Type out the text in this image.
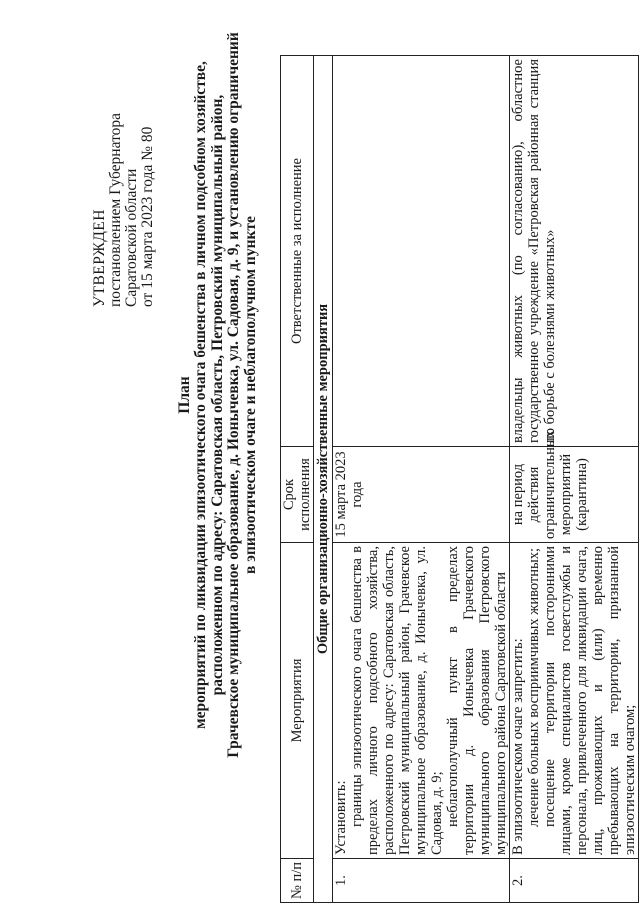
УТВЕРЖДЕН постановлением Губернатора Саратовской области от 15 марта 2023 года № 80
План мероприятий по ликвидации эпизоотического очага бешенства в личном подсобном хозяйстве, расположенном по адресу: Саратовская область, Петровский муниципальный район, Грачевское муниципальное образование, д. Ионычевка, ул. Садовая, д. 9, и установлению ограничений в эпизоотическом очаге и неблагополучном пункте
№ п/п	Мероприятия	Срок исполнения	Ответственные за исполнение
Общие организационно-хозяйственные мероприятия			
1.	Установить: границы эпизоотического очага бешенства в пределах личного подсобного хозяйства, расположенного по адресу: Саратовская область, Петровский муниципальный район, Грачевское муниципальное образование, д. Ионычевка, ул. Садовая, д. 9; неблагополучный пункт в пределах территории д. Ионычевка Грачевского муниципального образования Петровского муниципального района Саратовской области	15 марта 2023 года	
2.	В эпизоотическом очаге запретить: лечение больных восприимчивых животных; посещение территории посторонними лицами, кроме специалистов госветслужбы и персонала, привлеченного для ликвидации очага, лиц, проживающих и (или) временно пребывающих на территории, признанной эпизоотическим очагом;	на период действия ограничительных мероприятий (карантина)	владельцы животных (по согласованию), областное государственное учреждение «Петровская районная станция по борьбе с болезнями животных»
